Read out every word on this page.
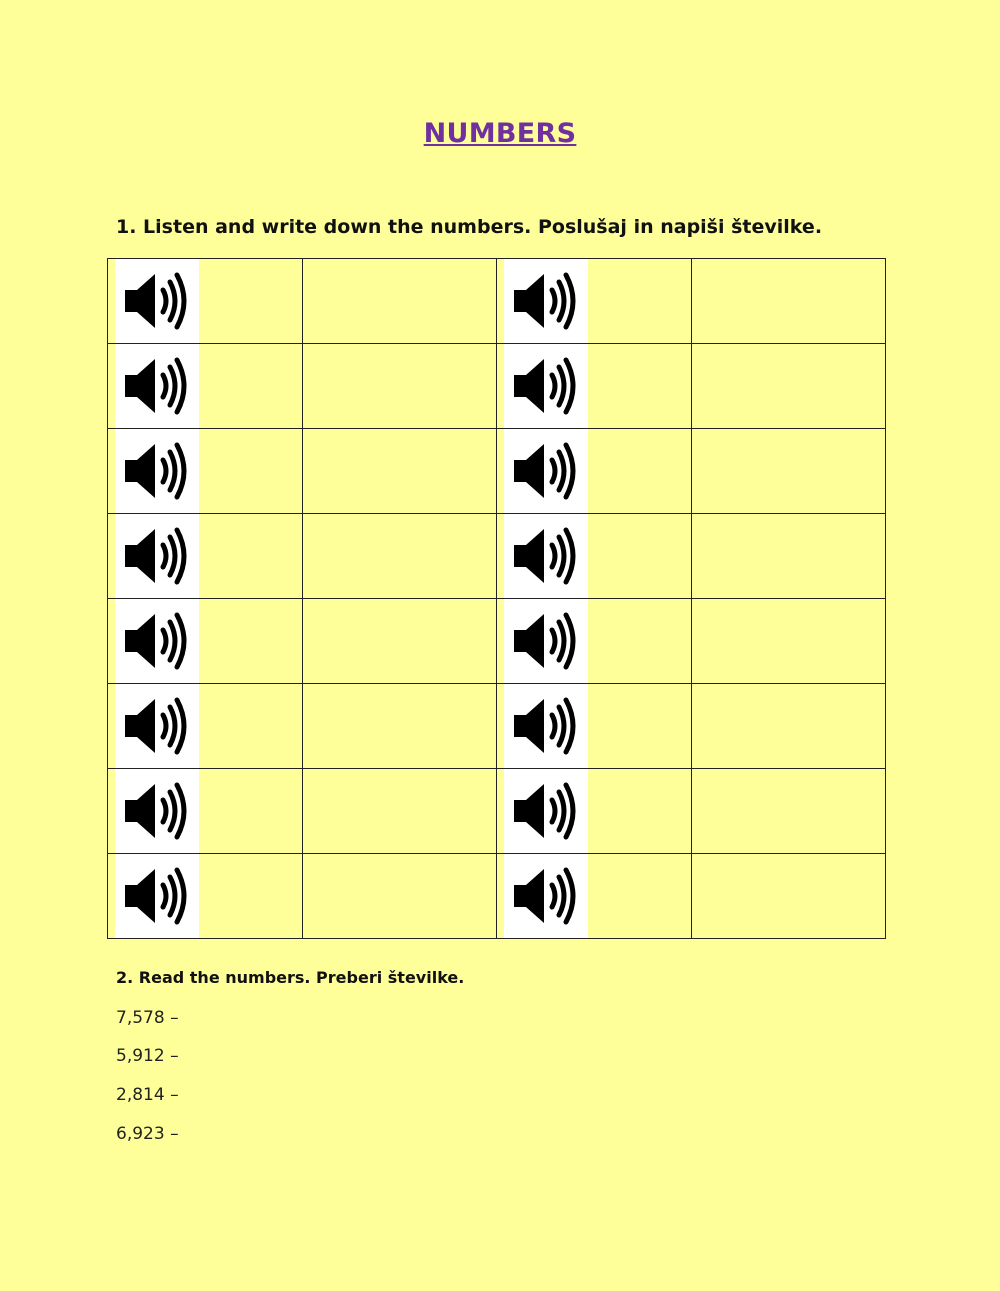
NUMBERS
1. Listen and write down the numbers. Poslušaj in napiši številke.

2. Read the numbers. Preberi številke.
7,578 –
5,912 –
2,814 –
6,923 –
